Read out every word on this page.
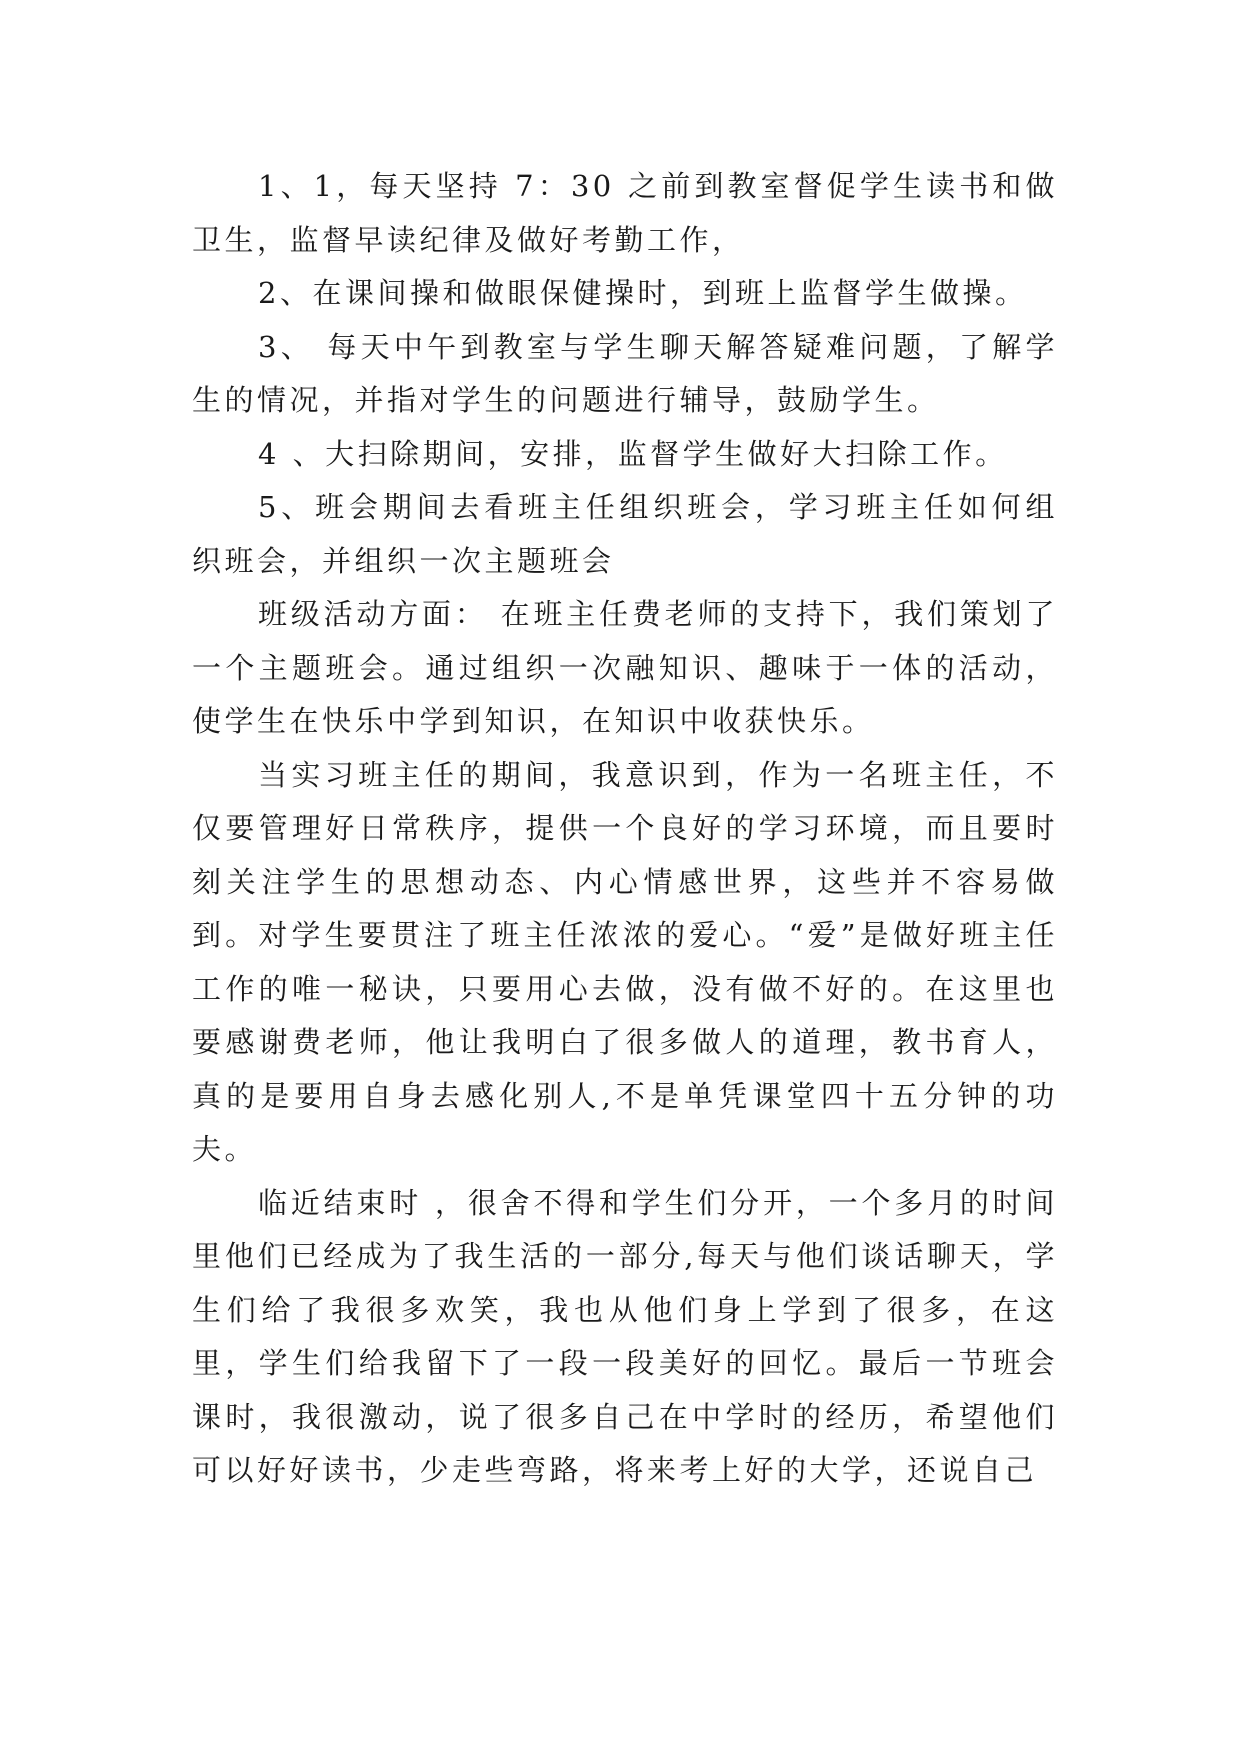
1、1，每天坚持 7：30 之前到教室督促学生读书和做卫生，监督早读纪律及做好考勤工作，

2、在课间操和做眼保健操时，到班上监督学生做操。

3、 每天中午到教室与学生聊天解答疑难问题，了解学生的情况，并指对学生的问题进行辅导，鼓励学生。

4 、大扫除期间，安排，监督学生做好大扫除工作。

5、班会期间去看班主任组织班会，学习班主任如何组织班会，并组织一次主题班会

班级活动方面： 在班主任费老师的支持下，我们策划了一个主题班会。通过组织一次融知识、趣味于一体的活动，使学生在快乐中学到知识，在知识中收获快乐。

当实习班主任的期间，我意识到，作为一名班主任，不仅要管理好日常秩序，提供一个良好的学习环境，而且要时刻关注学生的思想动态、内心情感世界，这些并不容易做到。对学生要贯注了班主任浓浓的爱心。“爱”是做好班主任工作的唯一秘诀，只要用心去做，没有做不好的。在这里也要感谢费老师，他让我明白了很多做人的道理，教书育人，真的是要用自身去感化别人,不是单凭课堂四十五分钟的功夫。

临近结束时 ，很舍不得和学生们分开，一个多月的时间里他们已经成为了我生活的一部分,每天与他们谈话聊天，学生们给了我很多欢笑，我也从他们身上学到了很多，在这里，学生们给我留下了一段一段美好的回忆。最后一节班会课时，我很激动，说了很多自己在中学时的经历，希望他们可以好好读书，少走些弯路，将来考上好的大学，还说自己
